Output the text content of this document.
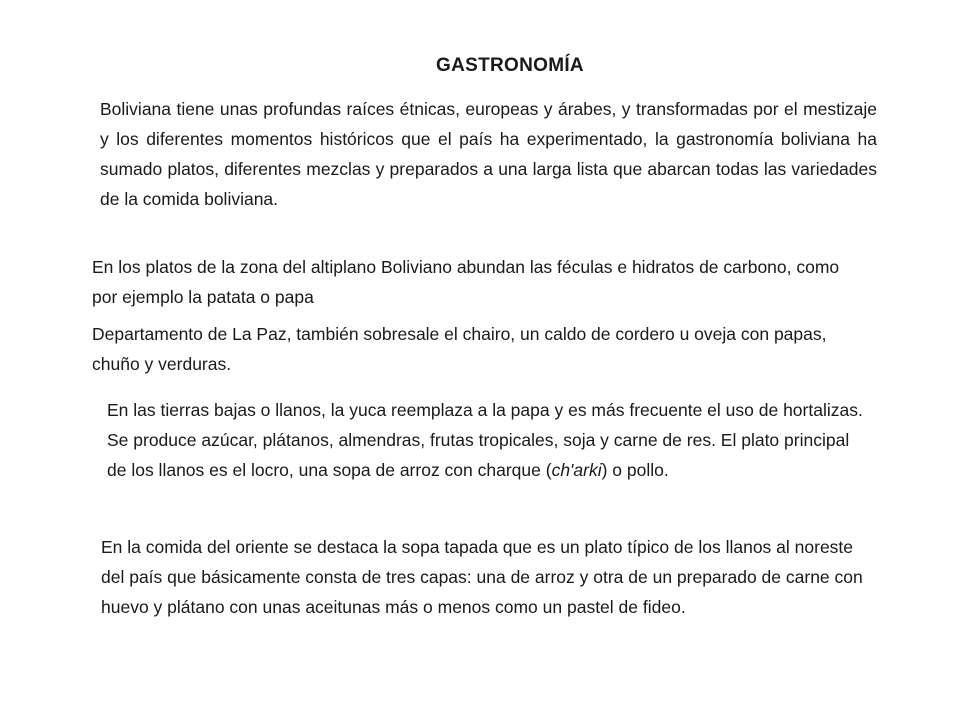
GASTRONOMÍA

Boliviana tiene unas profundas raíces étnicas, europeas y árabes, y transformadas por el mestizaje y los diferentes momentos históricos que el país ha experimentado, la gastronomía boliviana ha sumado platos, diferentes mezclas y preparados a una larga lista que abarcan todas las variedades de la comida boliviana.

En los platos de la zona del altiplano Boliviano abundan las féculas e hidratos de carbono, como por ejemplo la patata o papa

Departamento de La Paz, también sobresale el chairo, un caldo de cordero u oveja con papas, chuño y verduras.

En las tierras bajas o llanos, la yuca reemplaza a la papa y es más frecuente el uso de hortalizas. Se produce azúcar, plátanos, almendras, frutas tropicales, soja y carne de res. El plato principal de los llanos es el locro, una sopa de arroz con charque (ch'arki) o pollo.

En la comida del oriente se destaca la sopa tapada que es un plato típico de los llanos al noreste del país que básicamente consta de tres capas: una de arroz y otra de un preparado de carne con huevo y plátano con unas aceitunas más o menos como un pastel de fideo.
